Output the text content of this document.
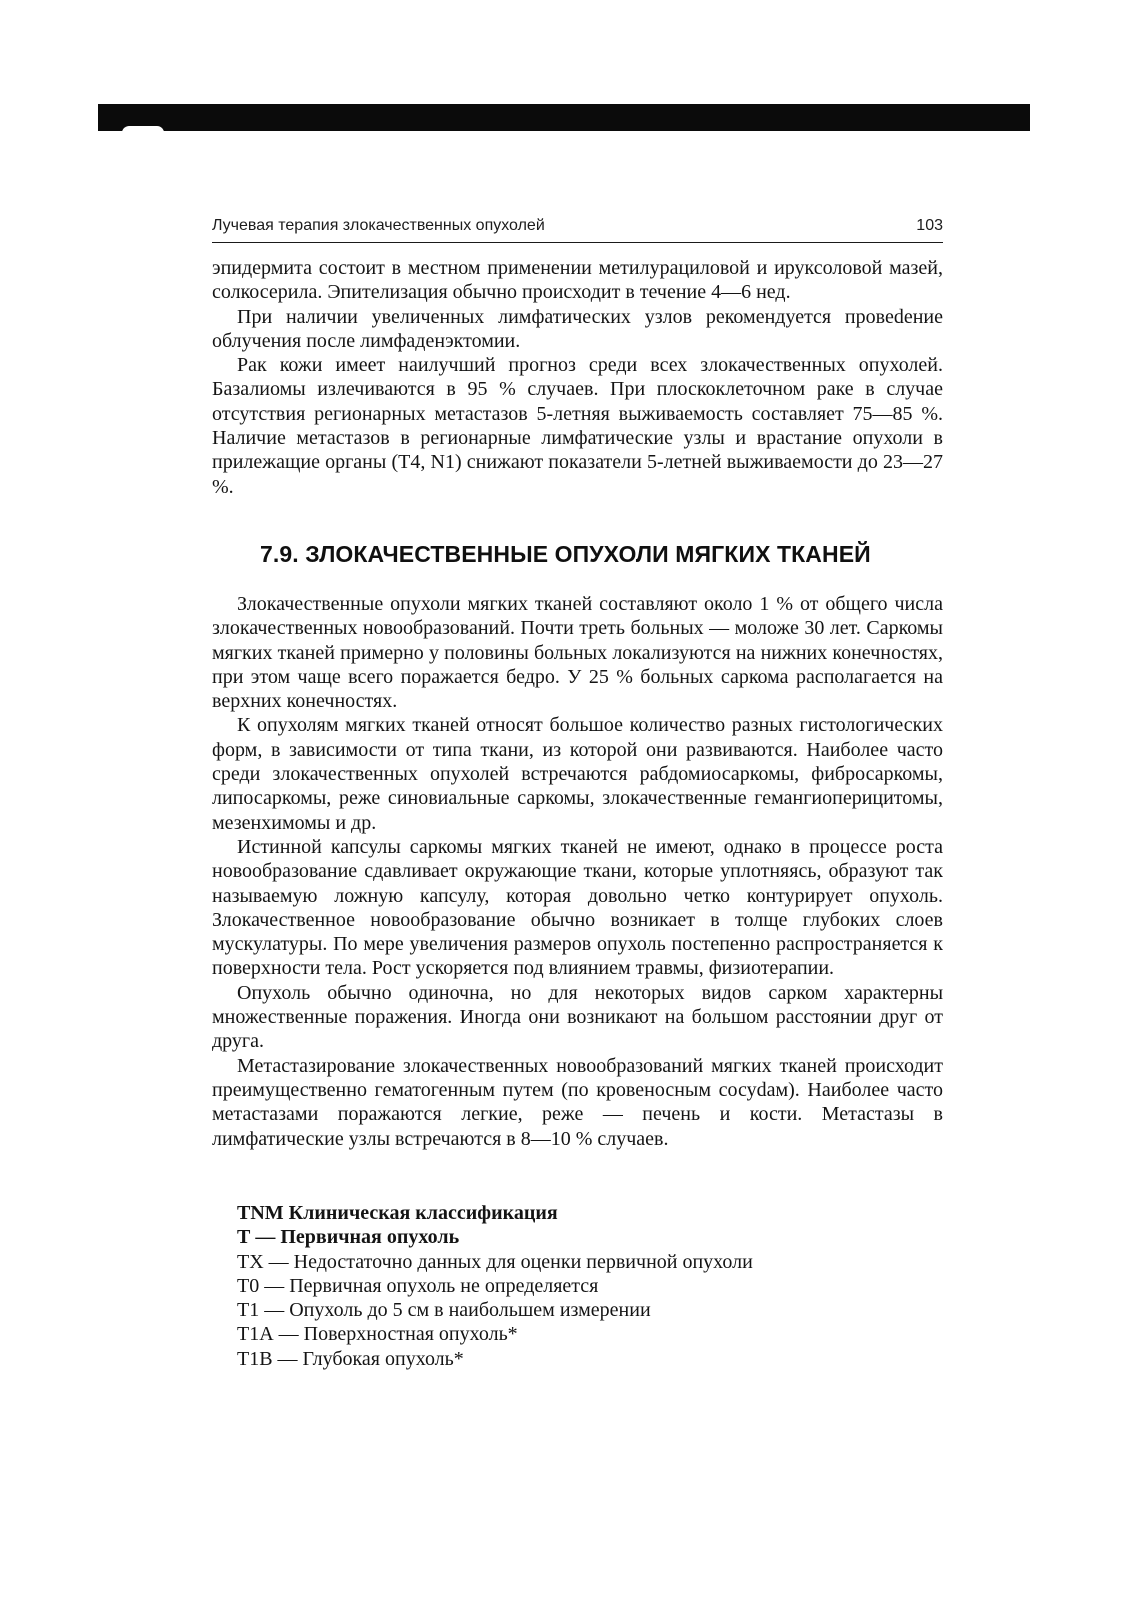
Лучевая терапия злокачественных опухолей	103

эпидермита состоит в местном применении метилурациловой и ируксоловой мазей, солкосерила. Эпителизация обычно происходит в течение 4—6 нед.

При наличии увеличенных лимфатических узлов рекомендуется провеdение облучения после лимфаденэктомии.

Рак кожи имеет наилучший прогноз среди всех злокачественных опухолей. Базалиомы излечиваются в 95 % случаев. При плоскоклеточном раке в случае отсутствия регионарных метастазов 5-летняя выживаемость составляет 75—85 %. Наличие метастазов в регионарные лимфатические узлы и врастание опухоли в прилежащие органы (Т4, N1) снижают показатели 5-летней выживаемости до 23—27 %.

7.9. ЗЛОКАЧЕСТВЕННЫЕ ОПУХОЛИ МЯГКИХ ТКАНЕЙ

Злокачественные опухоли мягких тканей составляют около 1 % от общего числа злокачественных новообразований. Почти треть больных — моложе 30 лет. Саркомы мягких тканей примерно у половины больных локализуются на нижних конечностях, при этом чаще всего поражается бедро. У 25 % больных саркома располагается на верхних конечностях.

К опухолям мягких тканей относят большое количество разных гистологических форм, в зависимости от типа ткани, из которой они развиваются. Наиболее часто среди злокачественных опухолей встречаются рабдомиосаркомы, фибросаркомы, липосаркомы, реже синовиальные саркомы, злокачественные гемангиоперицитомы, мезенхимомы и др.

Истинной капсулы саркомы мягких тканей не имеют, однако в процессе роста новообразование сдавливает окружающие ткани, которые уплотняясь, образуют так называемую ложную капсулу, которая довольно четко контурирует опухоль. Злокачественное новообразование обычно возникает в толще глубоких слоев мускулатуры. По мере увеличения размеров опухоль постепенно распространяется к поверхности тела. Рост ускоряется под влиянием травмы, физиотерапии.

Опухоль обычно одиночна, но для некоторых видов сарком характерны множественные поражения. Иногда они возникают на большом расстоянии друг от друга.

Метастазирование злокачественных новообразований мягких тканей происходит преимущественно гематогенным путем (по кровеносным сосуdам). Наиболее часто метастазами поражаются легкие, реже — печень и кости. Метастазы в лимфатические узлы встречаются в 8—10 % случаев.

TNM Клиническая классификация
Т — Первичная опухоль
ТХ — Недостаточно данных для оценки первичной опухоли
Т0 — Первичная опухоль не определяется
Т1 — Опухоль до 5 см в наибольшем измерении
Т1А — Поверхностная опухоль*
Т1В — Глубокая опухоль*
